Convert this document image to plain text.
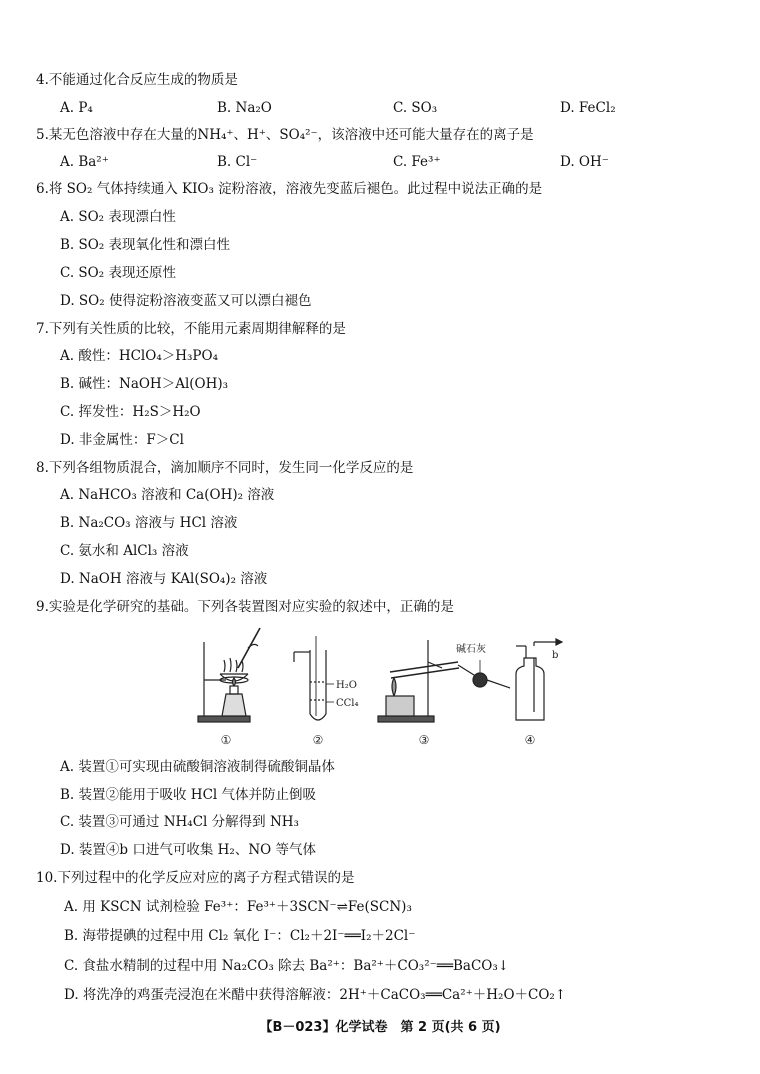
4.不能通过化合反应生成的物质是
A. P₄	B. Na₂O	C. SO₃	D. FeCl₂
5.某无色溶液中存在大量的NH₄⁺、H⁺、SO₄²⁻，该溶液中还可能大量存在的离子是
A. Ba²⁺	B. Cl⁻	C. Fe³⁺	D. OH⁻
6.将 SO₂ 气体持续通入 KIO₃ 淀粉溶液，溶液先变蓝后褪色。此过程中说法正确的是
A. SO₂ 表现漂白性
B. SO₂ 表现氧化性和漂白性
C. SO₂ 表现还原性
D. SO₂ 使得淀粉溶液变蓝又可以漂白褪色
7.下列有关性质的比较，不能用元素周期律解释的是
A. 酸性：HClO₄＞H₃PO₄
B. 碱性：NaOH＞Al(OH)₃
C. 挥发性：H₂S＞H₂O
D. 非金属性：F＞Cl
8.下列各组物质混合，滴加顺序不同时，发生同一化学反应的是
A. NaHCO₃ 溶液和 Ca(OH)₂ 溶液
B. Na₂CO₃ 溶液与 HCl 溶液
C. 氨水和 AlCl₃ 溶液
D. NaOH 溶液与 KAl(SO₄)₂ 溶液
9.实验是化学研究的基础。下列各装置图对应实验的叙述中，正确的是
H₂O
CCl₄
碱石灰
b
①	②	③	④
A. 装置①可实现由硫酸铜溶液制得硫酸铜晶体
B. 装置②能用于吸收 HCl 气体并防止倒吸
C. 装置③可通过 NH₄Cl 分解得到 NH₃
D. 装置④b 口进气可收集 H₂、NO 等气体
10.下列过程中的化学反应对应的离子方程式错误的是
A. 用 KSCN 试剂检验 Fe³⁺：Fe³⁺＋3SCN⁻⇌Fe(SCN)₃
B. 海带提碘的过程中用 Cl₂ 氧化 I⁻：Cl₂＋2I⁻══I₂＋2Cl⁻
C. 食盐水精制的过程中用 Na₂CO₃ 除去 Ba²⁺：Ba²⁺＋CO₃²⁻══BaCO₃↓
D. 将洗净的鸡蛋壳浸泡在米醋中获得溶解液：2H⁺＋CaCO₃══Ca²⁺＋H₂O＋CO₂↑
【B－023】化学试卷　第 2 页(共 6 页)
